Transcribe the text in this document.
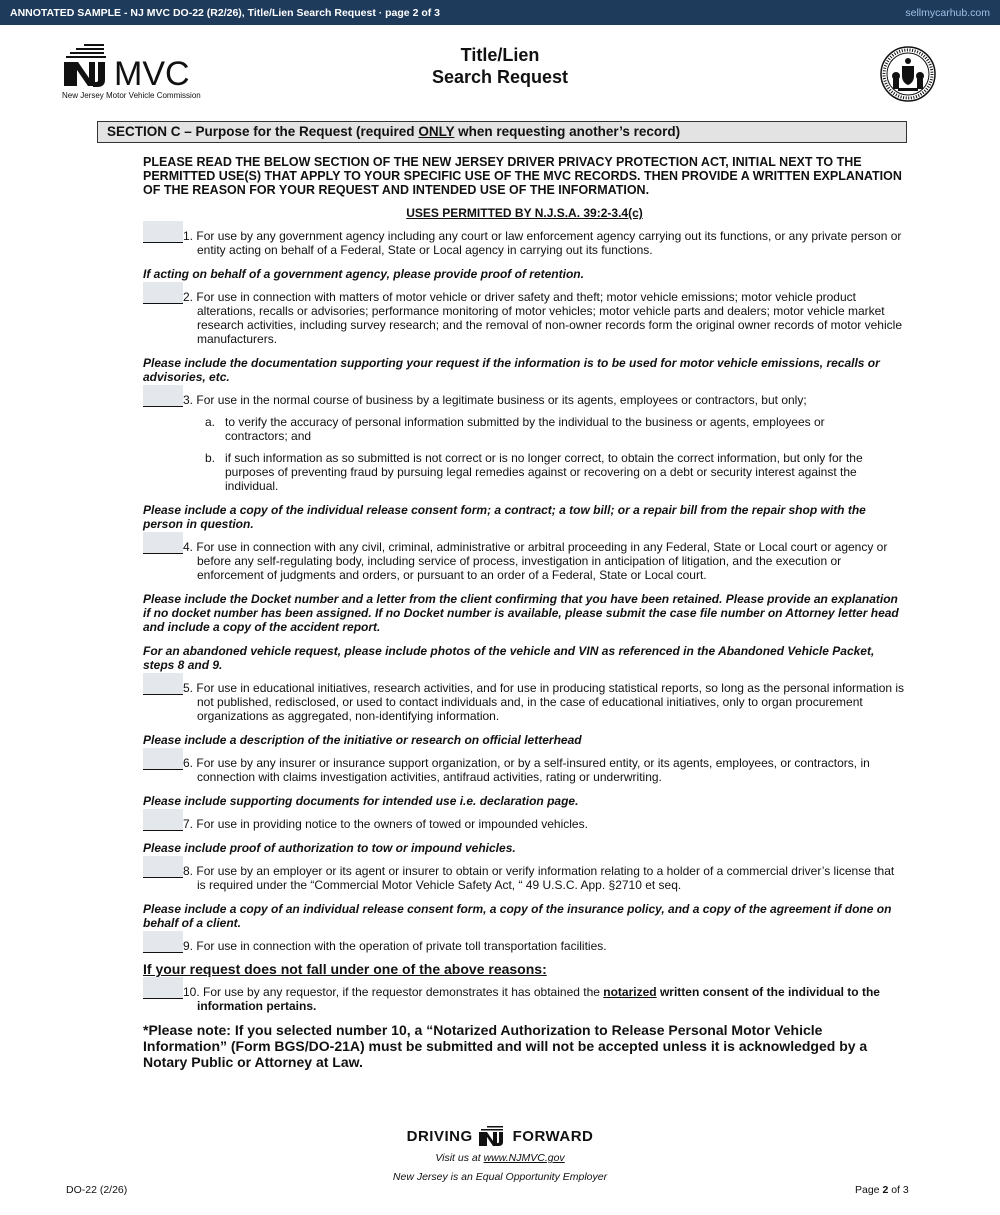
ANNOTATED SAMPLE - NJ MVC DO-22 (R2/26), Title/Lien Search Request · page 2 of 3	sellmycarhub.com
MVC
New Jersey Motor Vehicle Commission
Title/Lien
Search Request
SECTION C – Purpose for the Request (required ONLY when requesting another’s record)
PLEASE READ THE BELOW SECTION OF THE NEW JERSEY DRIVER PRIVACY PROTECTION ACT, INITIAL NEXT TO THE PERMITTED USE(S) THAT APPLY TO YOUR SPECIFIC USE OF THE MVC RECORDS. THEN PROVIDE A WRITTEN EXPLANATION OF THE REASON FOR YOUR REQUEST AND INTENDED USE OF THE INFORMATION.
USES PERMITTED BY N.J.S.A. 39:2-3.4(c)
1. For use by any government agency including any court or law enforcement agency carrying out its functions, or any private person or entity acting on behalf of a Federal, State or Local agency in carrying out its functions.
If acting on behalf of a government agency, please provide proof of retention.
2. For use in connection with matters of motor vehicle or driver safety and theft; motor vehicle emissions; motor vehicle product alterations, recalls or advisories; performance monitoring of motor vehicles; motor vehicle parts and dealers; motor vehicle market research activities, including survey research; and the removal of non-owner records form the original owner records of motor vehicle manufacturers.
Please include the documentation supporting your request if the information is to be used for motor vehicle emissions, recalls or advisories, etc.
3. For use in the normal course of business by a legitimate business or its agents, employees or contractors, but only;
a. to verify the accuracy of personal information submitted by the individual to the business or agents, employees or contractors; and
b. if such information as so submitted is not correct or is no longer correct, to obtain the correct information, but only for the purposes of preventing fraud by pursuing legal remedies against or recovering on a debt or security interest against the individual.
Please include a copy of the individual release consent form; a contract; a tow bill; or a repair bill from the repair shop with the person in question.
4. For use in connection with any civil, criminal, administrative or arbitral proceeding in any Federal, State or Local court or agency or before any self-regulating body, including service of process, investigation in anticipation of litigation, and the execution or enforcement of judgments and orders, or pursuant to an order of a Federal, State or Local court.
Please include the Docket number and a letter from the client confirming that you have been retained. Please provide an explanation if no docket number has been assigned. If no Docket number is available, please submit the case file number on Attorney letter head and include a copy of the accident report.
For an abandoned vehicle request, please include photos of the vehicle and VIN as referenced in the Abandoned Vehicle Packet, steps 8 and 9.
5. For use in educational initiatives, research activities, and for use in producing statistical reports, so long as the personal information is not published, redisclosed, or used to contact individuals and, in the case of educational initiatives, only to organ procurement organizations as aggregated, non-identifying information.
Please include a description of the initiative or research on official letterhead
6. For use by any insurer or insurance support organization, or by a self-insured entity, or its agents, employees, or contractors, in connection with claims investigation activities, antifraud activities, rating or underwriting.
Please include supporting documents for intended use i.e. declaration page.
7. For use in providing notice to the owners of towed or impounded vehicles.
Please include proof of authorization to tow or impound vehicles.
8. For use by an employer or its agent or insurer to obtain or verify information relating to a holder of a commercial driver’s license that is required under the “Commercial Motor Vehicle Safety Act, “ 49 U.S.C. App. §2710 et seq.
Please include a copy of an individual release consent form, a copy of the insurance policy, and a copy of the agreement if done on behalf of a client.
9. For use in connection with the operation of private toll transportation facilities.
If your request does not fall under one of the above reasons:
10. For use by any requestor, if the requestor demonstrates it has obtained the notarized written consent of the individual to the information pertains.
*Please note: If you selected number 10, a “Notarized Authorization to Release Personal Motor Vehicle Information” (Form BGS/DO-21A) must be submitted and will not be accepted unless it is acknowledged by a Notary Public or Attorney at Law.
DRIVING	FORWARD
Visit us at www.NJMVC.gov
New Jersey is an Equal Opportunity Employer
DO-22 (2/26)	Page 2 of 3
